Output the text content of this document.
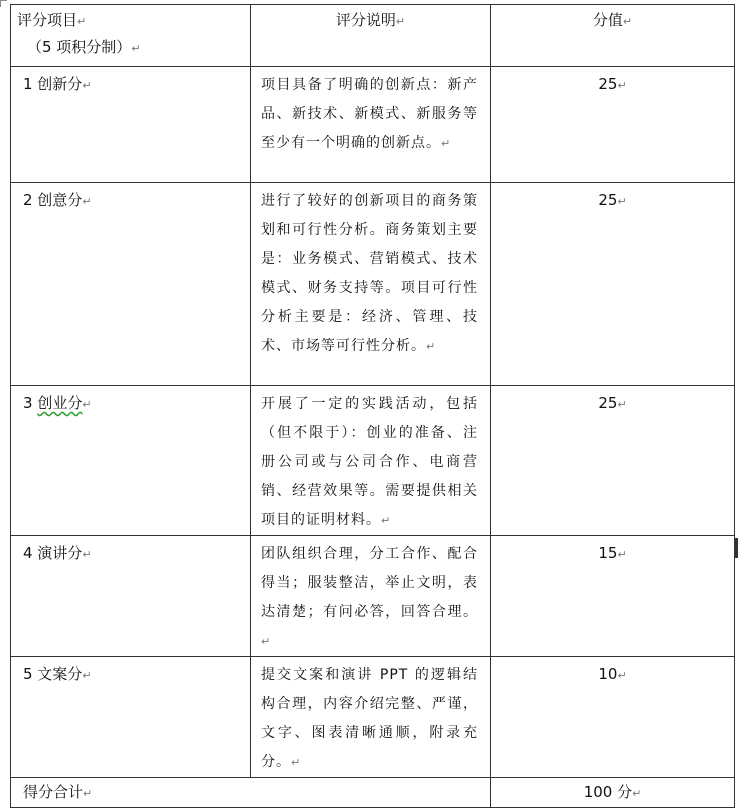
评分项目↵
（5 项积分制）↵	评分说明↵	分值↵
1 创新分↵	项目具备了明确的创新点：新产品、新技术、新模式、新服务等至少有一个明确的创新点。↵	25↵
2 创意分↵	进行了较好的创新项目的商务策划和可行性分析。商务策划主要是：业务模式、营销模式、技术模式、财务支持等。项目可行性分析主要是：经济、管理、技术、市场等可行性分析。↵	25↵
3 创业分↵	开展了一定的实践活动，包括（但不限于）：创业的准备、注册公司或与公司合作、电商营销、经营效果等。需要提供相关项目的证明材料。↵	25↵
4 演讲分↵	团队组织合理，分工合作、配合得当；服装整洁，举止文明，表达清楚；有问必答，回答合理。↵	15↵
5 文案分↵	提交文案和演讲 PPT 的逻辑结构合理，内容介绍完整、严谨，文字、图表清晰通顺，附录充分。↵	10↵
得分合计↵		100 分↵
